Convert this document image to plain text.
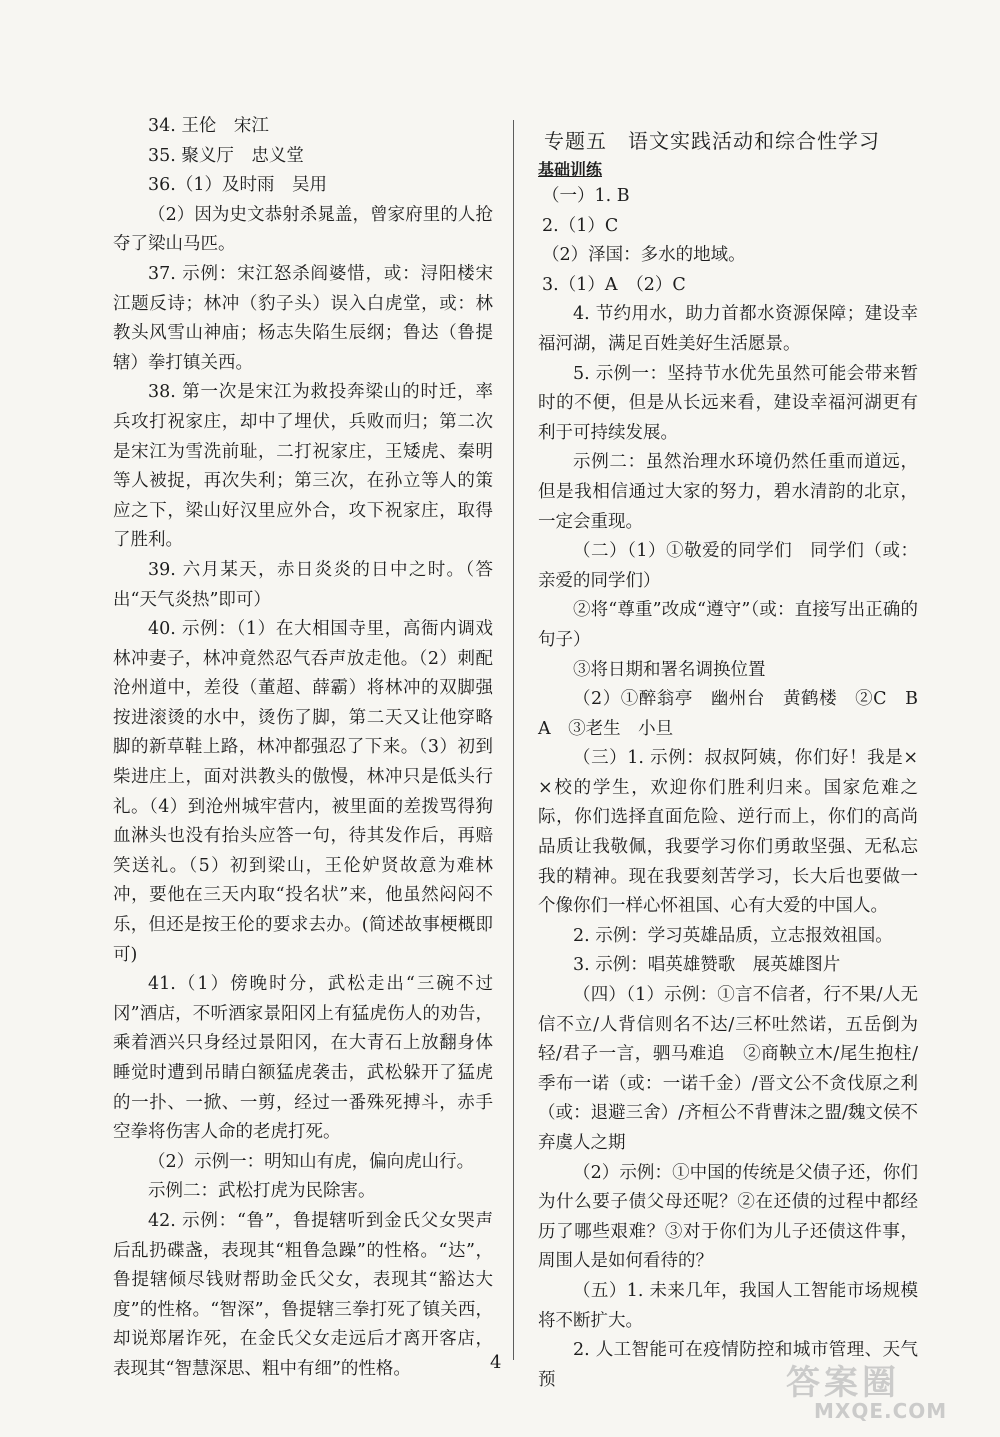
34. 王伦　宋江

35. 聚义厅　忠义堂

36.（1）及时雨　吴用

（2）因为史文恭射杀晁盖，曾家府里的人抢夺了梁山马匹。

37. 示例：宋江怒杀阎婆惜，或：浔阳楼宋江题反诗；林冲（豹子头）误入白虎堂，或：林教头风雪山神庙；杨志失陷生辰纲；鲁达（鲁提辖）拳打镇关西。

38. 第一次是宋江为救投奔梁山的时迁，率兵攻打祝家庄，却中了埋伏，兵败而归；第二次是宋江为雪洗前耻，二打祝家庄，王矮虎、秦明等人被捉，再次失利；第三次，在孙立等人的策应之下，梁山好汉里应外合，攻下祝家庄，取得了胜利。

39. 六月某天，赤日炎炎的日中之时。（答出“天气炎热”即可）

40. 示例：（1）在大相国寺里，高衙内调戏林冲妻子，林冲竟然忍气吞声放走他。（2）刺配沧州道中，差役（董超、薛霸）将林冲的双脚强按进滚烫的水中，烫伤了脚，第二天又让他穿略脚的新草鞋上路，林冲都强忍了下来。（3）初到柴进庄上，面对洪教头的傲慢，林冲只是低头行礼。（4）到沧州城牢营内，被里面的差拨骂得狗血淋头也没有抬头应答一句，待其发作后，再赔笑送礼。（5）初到梁山，王伦妒贤故意为难林冲，要他在三天内取“投名状”来，他虽然闷闷不乐，但还是按王伦的要求去办。(简述故事梗概即可)

41.（1）傍晚时分，武松走出“三碗不过冈”酒店，不听酒家景阳冈上有猛虎伤人的劝告，乘着酒兴只身经过景阳冈，在大青石上放翻身体睡觉时遭到吊睛白额猛虎袭击，武松躲开了猛虎的一扑、一掀、一剪，经过一番殊死搏斗，赤手空拳将伤害人命的老虎打死。

（2）示例一：明知山有虎，偏向虎山行。

示例二：武松打虎为民除害。

42. 示例：“鲁”，鲁提辖听到金氏父女哭声后乱扔碟盏，表现其“粗鲁急躁”的性格。“达”，鲁提辖倾尽钱财帮助金氏父女，表现其“豁达大度”的性格。“智深”，鲁提辖三拳打死了镇关西，却说郑屠诈死，在金氏父女走远后才离开客店，表现其“智慧深思、粗中有细”的性格。

专题五　语文实践活动和综合性学习
基础训练

（一）1. B

2.（1）C

（2）泽国：多水的地域。

3.（1）A　（2）C

4. 节约用水，助力首都水资源保障；建设幸福河湖，满足百姓美好生活愿景。

5. 示例一：坚持节水优先虽然可能会带来暂时的不便，但是从长远来看，建设幸福河湖更有利于可持续发展。

示例二：虽然治理水环境仍然任重而道远，但是我相信通过大家的努力，碧水清韵的北京，一定会重现。

（二）（1）①敬爱的同学们　同学们（或：亲爱的同学们）

②将“尊重”改成“遵守”（或：直接写出正确的句子）

③将日期和署名调换位置

（2）①醉翁亭　幽州台　黄鹤楼　②C　B　A　③老生　小旦

（三）1. 示例：叔叔阿姨，你们好！我是××校的学生，欢迎你们胜利归来。国家危难之际，你们选择直面危险、逆行而上，你们的高尚品质让我敬佩，我要学习你们勇敢坚强、无私忘我的精神。现在我要刻苦学习，长大后也要做一个像你们一样心怀祖国、心有大爱的中国人。

2. 示例：学习英雄品质，立志报效祖国。

3. 示例：唱英雄赞歌　展英雄图片

（四）（1）示例：①言不信者，行不果/人无信不立/人背信则名不达/三杯吐然诺，五岳倒为轻/君子一言，驷马难追　②商鞅立木/尾生抱柱/季布一诺（或：一诺千金）/晋文公不贪伐原之利（或：退避三舍）/齐桓公不背曹沫之盟/魏文侯不弃虞人之期

（2）示例：①中国的传统是父债子还，你们为什么要子债父母还呢？②在还债的过程中都经历了哪些艰难？③对于你们为儿子还债这件事，周围人是如何看待的？

（五）1. 未来几年，我国人工智能市场规模将不断扩大。

2. 人工智能可在疫情防控和城市管理、天气预

4
答案圈
MXQE.COM
